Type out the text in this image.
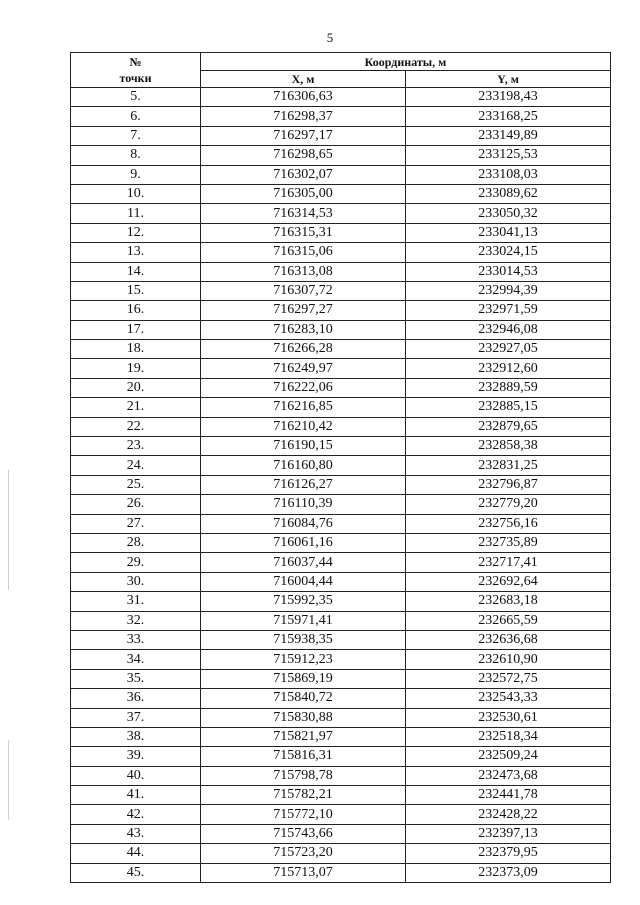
5
№
точки	Координаты, м	
	X, м	Y, м
5.	716306,63	233198,43
6.	716298,37	233168,25
7.	716297,17	233149,89
8.	716298,65	233125,53
9.	716302,07	233108,03
10.	716305,00	233089,62
11.	716314,53	233050,32
12.	716315,31	233041,13
13.	716315,06	233024,15
14.	716313,08	233014,53
15.	716307,72	232994,39
16.	716297,27	232971,59
17.	716283,10	232946,08
18.	716266,28	232927,05
19.	716249,97	232912,60
20.	716222,06	232889,59
21.	716216,85	232885,15
22.	716210,42	232879,65
23.	716190,15	232858,38
24.	716160,80	232831,25
25.	716126,27	232796,87
26.	716110,39	232779,20
27.	716084,76	232756,16
28.	716061,16	232735,89
29.	716037,44	232717,41
30.	716004,44	232692,64
31.	715992,35	232683,18
32.	715971,41	232665,59
33.	715938,35	232636,68
34.	715912,23	232610,90
35.	715869,19	232572,75
36.	715840,72	232543,33
37.	715830,88	232530,61
38.	715821,97	232518,34
39.	715816,31	232509,24
40.	715798,78	232473,68
41.	715782,21	232441,78
42.	715772,10	232428,22
43.	715743,66	232397,13
44.	715723,20	232379,95
45.	715713,07	232373,09
